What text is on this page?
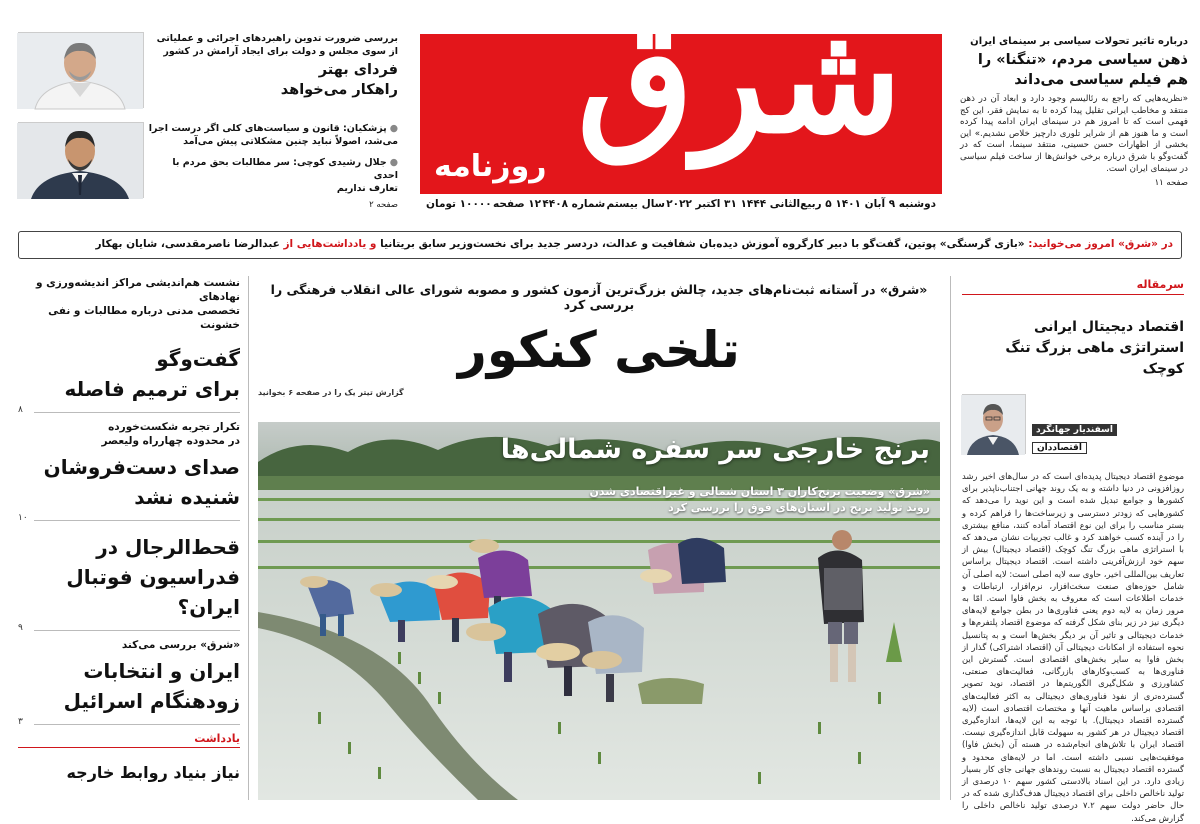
بررسی ضرورت تدوین راهبردهای اجرائی و عملیاتی
از سوی مجلس و دولت برای ایجاد آرامش در کشور
فردای بهتر
راهکار می‌خواهد
●پزشکیان: قانون و سیاست‌های کلی اگر درست اجرا
می‌شد، اصولاً نباید چنین مشکلاتی پیش می‌آمد
●جلال رشیدی کوچی: سر مطالبات بحق مردم با احدی
تعارف نداریم
صفحه ۲
شرق
روزنامه
دوشنبه ۹ آبان ۱۴۰۱ ۵ ربیع‌الثانی ۱۴۴۴ ۳۱ اکتبر ۲۰۲۲
سال بیستم
شماره ۴۴۰۸
۱۲ صفحه
۱۰۰۰۰ تومان
درباره تاثیر تحولات سیاسی بر سینمای ایران
ذهن سیاسی مردم، «تنگنا» را
هم فیلم سیاسی می‌داند
«نظریه‌هایی که راجع به رئالیسم وجود دارد و ابعاد آن در ذهن منتقد و مخاطب ایرانی تقلیل پیدا کرده تا به نمایش فقر، این کج فهمی است که تا امروز هم در سینمای ایران ادامه پیدا کرده است و ما هنوز هم از شرایر تلوری دارچیز خلاص نشدیم.» این بخشی از اظهارات حسن حسینی، منتقد سینما، است که در گفت‌وگو با شرق درباره برخی خوانش‌ها از ساخت فیلم سیاسی در سینمای ایران است.
صفحه ۱۱
در «شرق» امروز می‌خوانید: «بازی گرسنگی» پوتین، گفت‌گو با دبیر کارگروه آموزش دیده‌بان شفافیت و عدالت، دردسر جدید برای نخست‌وزیر سابق بریتانیا و یادداشت‌هایی از عبدالرضا ناصرمقدسی، شایان بهکار
سرمقاله
اقتصاد دیجیتال ایرانی
استراتژی ماهی بزرگ تنگ کوچک
اسفندیار جهانگرد
اقتصاددان
موضوع اقتصاد دیجیتال پدیده‌ای است که در سال‌های اخیر رشد روزافزونی در دنیا داشته و به یک روند جهانی اجتناب‌ناپذیر برای کشورها و جوامع تبدیل شده است و این نوید را می‌دهد که کشورهایی که زودتر دسترسی و زیرساخت‌ها را فراهم کرده و بستر مناسب را برای این نوع اقتصاد آماده کنند، منافع بیشتری را در آینده کسب خواهند کرد و غالب تجربیات نشان می‌دهد که با استراتژی ماهی بزرگ تنگ کوچک (اقتصاد دیجیتال) بیش از سهم خود ارزش‌آفرینی داشته است. اقتصاد دیجیتال براساس تعاریف بین‌المللی اخیر، حاوی سه لایه اصلی است: لایه اصلی آن شامل حوزه‌های صنعت سخت‌افزار، نرم‌افزار، ارتباطات و خدمات اطلاعات است که معروف به بخش فاوا است. امّا به مرور زمان به لایه دوم یعنی فناوری‌ها در بطن جوامع لایه‌های دیگری نیز در زیر بنای شکل گرفته که موضوع اقتصاد پلتفرم‌ها و خدمات دیجیتالی و تاثیر آن بر دیگر بخش‌ها است و به پتانسیل نحوه استفاده از امکانات دیجیتالی آن (اقتصاد اشتراکی) گذار از بخش فاوا به سایر بخش‌های اقتصادی است. گسترش این فناوری‌ها به کسب‌وکارهای بازرگانی، فعالیت‌های صنعتی، کشاورزی و شکل‌گیری الگوریتم‌ها در اقتصاد، نوید تصویر گسترده‌تری از نفوذ فناوری‌های دیجیتالی به اکثر فعالیت‌های اقتصادی براساس ماهیت آنها و مختصات اقتصادی است (لایه گسترده اقتصاد دیجیتال). با توجه به این لایه‌ها، اندازه‌گیری اقتصاد دیجیتال در هر کشور به سهولت قابل اندازه‌گیری نیست. اقتصاد ایران با تلاش‌های انجام‌شده در هسته آن (بخش فاوا) موفقیت‌هایی نسبی داشته است. اما در لایه‌های محدود و گسترده اقتصاد دیجیتال به نسبت روندهای جهانی جای کار بسیار زیادی دارد. در این اسناد بالادستی کشور سهم ۱۰ درصدی از تولید ناخالص داخلی برای اقتصاد دیجیتال هدف‌گذاری شده که در حال حاضر دولت سهم ۷.۲ درصدی تولید ناخالص داخلی را گزارش می‌کند.
«شرق» در آستانه ثبت‌نام‌های جدید، چالش بزرگ‌ترین آزمون کشور و مصوبه شورای عالی انقلاب فرهنگی را بررسی کرد
تلخی کنکور
گزارش تیتر یک را در صفحه ۶ بخوانید
برنج خارجی سر سفره شمالی‌ها
«شرق» وضعیت برنج‌کاران ۳ استان شمالی و غیراقتصادی شدن
روند تولید برنج در استان‌های فوق را بررسی کرد
نشست هم‌اندیشی مراکز اندیشه‌ورزی و نهادهای
تخصصی مدنی درباره مطالبات و نفی خشونت
گفت‌وگو
برای ترمیم فاصله
۸
تکرار تجربه شکست‌خورده
در محدوده چهارراه ولیعصر
صدای دست‌فروشان
شنیده نشد
۱۰
قحط‌الرجال در
فدراسیون فوتبال ایران؟
۹
«شرق» بررسی می‌کند
ایران و انتخابات
زودهنگام اسرائیل
۳
یادداشت
نیاز بنیاد روابط خارجه
